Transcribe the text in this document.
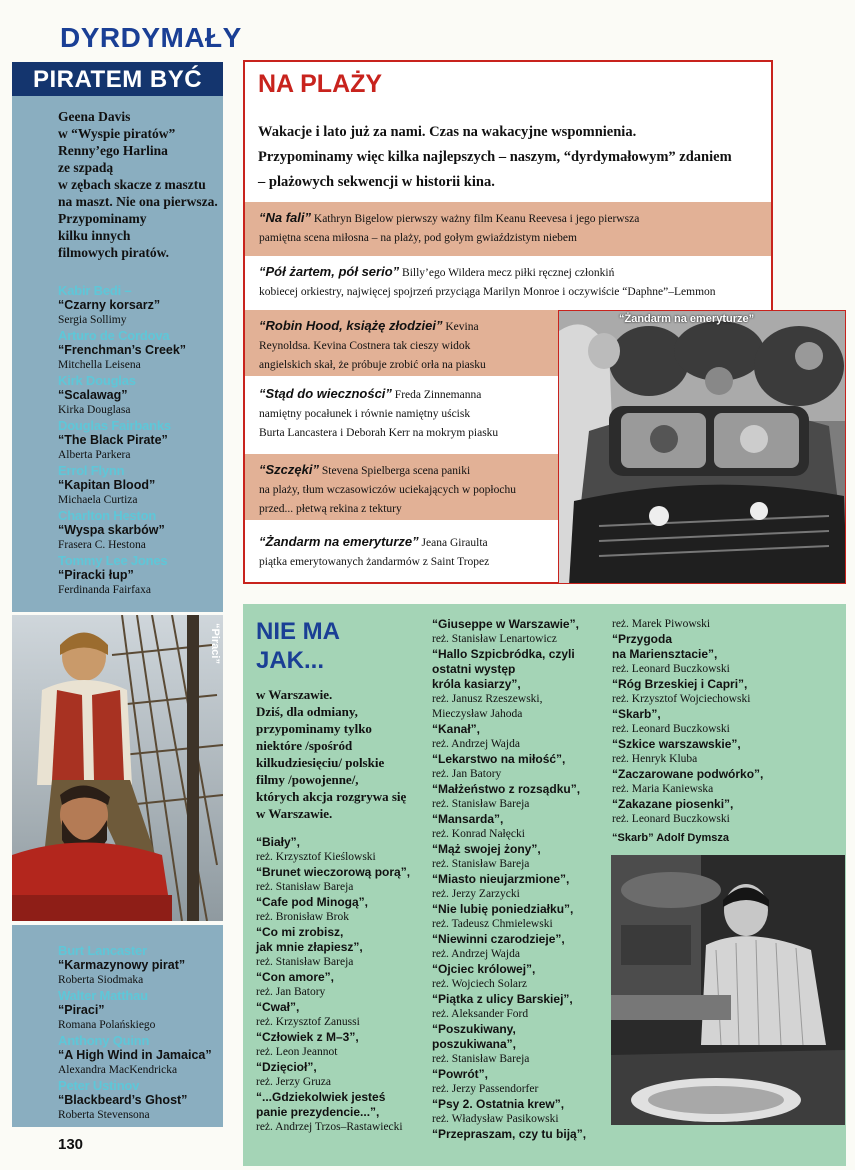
DYRDYMAŁY
PIRATEM BYĆ
Geena Davis
w “Wyspie piratów”
Renny’ego Harlina
ze szpadą
w zębach skacze z masztu
na maszt. Nie ona pierwsza.
Przypominamy
kilku innych
filmowych piratów.
Kabir Bedi –
“Czarny korsarz”
Sergia Sollimy
Arturo de Cordova
“Frenchman’s Creek”
Mitchella Leisena
Kirk Douglas
“Scalawag”
Kirka Douglasa
Douglas Fairbanks
“The Black Pirate”
Alberta Parkera
Errol Flynn
“Kapitan Blood”
Michaela Curtiza
Charlton Heston
“Wyspa skarbów”
Frasera C. Hestona
Tommy Lee Jones
“Piracki łup”
Ferdinanda Fairfaxa
“Piraci”
Burt Lancaster
“Karmazynowy pirat”
Roberta Siodmaka
Walter Matthau
“Piraci”
Romana Polańskiego
Anthony Quinn
“A High Wind in Jamaica”
Alexandra MacKendricka
Peter Ustinov
“Blackbeard’s Ghost”
Roberta Stevensona
130
NA PLAŻY
Wakacje i lato już za nami. Czas na wakacyjne wspomnienia.
Przypominamy więc kilka najlepszych – naszym, “dyrdymałowym” zdaniem
– plażowych sekwencji w historii kina.
“Na fali” Kathryn Bigelow pierwszy ważny film Keanu Reevesa i jego pierwsza
pamiętna scena miłosna – na plaży, pod gołym gwiaździstym niebem
“Pół żartem, pół serio” Billy’ego Wildera mecz piłki ręcznej członkiń
kobiecej orkiestry, najwięcej spojrzeń przyciąga Marilyn Monroe i oczywiście “Daphne”–Lemmon
“Robin Hood, książę złodziei” Kevina
Reynoldsa. Kevina Costnera tak cieszy widok
angielskich skał, że próbuje zrobić orła na piasku
“Stąd do wieczności” Freda Zinnemanna
namiętny pocałunek i równie namiętny uścisk
Burta Lancastera i Deborah Kerr na mokrym piasku
“Szczęki” Stevena Spielberga scena paniki
na plaży, tłum wczasowiczów uciekających w popłochu
przed... płetwą rekina z tektury
“Żandarm na emeryturze” Jeana Giraulta
piątka emerytowanych żandarmów z Saint Tropez
“Żandarm na emeryturze”
NIE MA
JAK...
w Warszawie.
Dziś, dla odmiany,
przypominamy tylko
niektóre /spośród
kilkudziesięciu/ polskie
filmy /powojenne/,
których akcja rozgrywa się
w Warszawie.
“Biały”,
reż. Krzysztof Kieślowski
“Brunet wieczorową porą”,
reż. Stanisław Bareja
“Cafe pod Minogą”,
reż. Bronisław Brok
“Co mi zrobisz,
jak mnie złapiesz”,
reż. Stanisław Bareja
“Con amore”,
reż. Jan Batory
“Cwał”,
reż. Krzysztof Zanussi
“Człowiek z M–3”,
reż. Leon Jeannot
“Dzięcioł”,
reż. Jerzy Gruza
“...Gdziekolwiek jesteś
panie prezydencie...”,
reż. Andrzej Trzos–Rastawiecki
“Giuseppe w Warszawie”,
reż. Stanisław Lenartowicz
“Hallo Szpicbródka, czyli
ostatni występ
króla kasiarzy”,
reż. Janusz Rzeszewski,
Mieczysław Jahoda
“Kanał”,
reż. Andrzej Wajda
“Lekarstwo na miłość”,
reż. Jan Batory
“Małżeństwo z rozsądku”,
reż. Stanisław Bareja
“Mansarda”,
reż. Konrad Nałęcki
“Mąż swojej żony”,
reż. Stanisław Bareja
“Miasto nieujarzmione”,
reż. Jerzy Zarzycki
“Nie lubię poniedziałku”,
reż. Tadeusz Chmielewski
“Niewinni czarodzieje”,
reż. Andrzej Wajda
“Ojciec królowej”,
reż. Wojciech Solarz
“Piątka z ulicy Barskiej”,
reż. Aleksander Ford
“Poszukiwany,
poszukiwana”,
reż. Stanisław Bareja
“Powrót”,
reż. Jerzy Passendorfer
“Psy 2. Ostatnia krew”,
reż. Władysław Pasikowski
“Przepraszam, czy tu biją”,
reż. Marek Piwowski
“Przygoda
na Mariensztacie”,
reż. Leonard Buczkowski
“Róg Brzeskiej i Capri”,
reż. Krzysztof Wojciechowski
“Skarb”,
reż. Leonard Buczkowski
“Szkice warszawskie”,
reż. Henryk Kluba
“Zaczarowane podwórko”,
reż. Maria Kaniewska
“Zakazane piosenki”,
reż. Leonard Buczkowski
“Skarb” Adolf Dymsza
